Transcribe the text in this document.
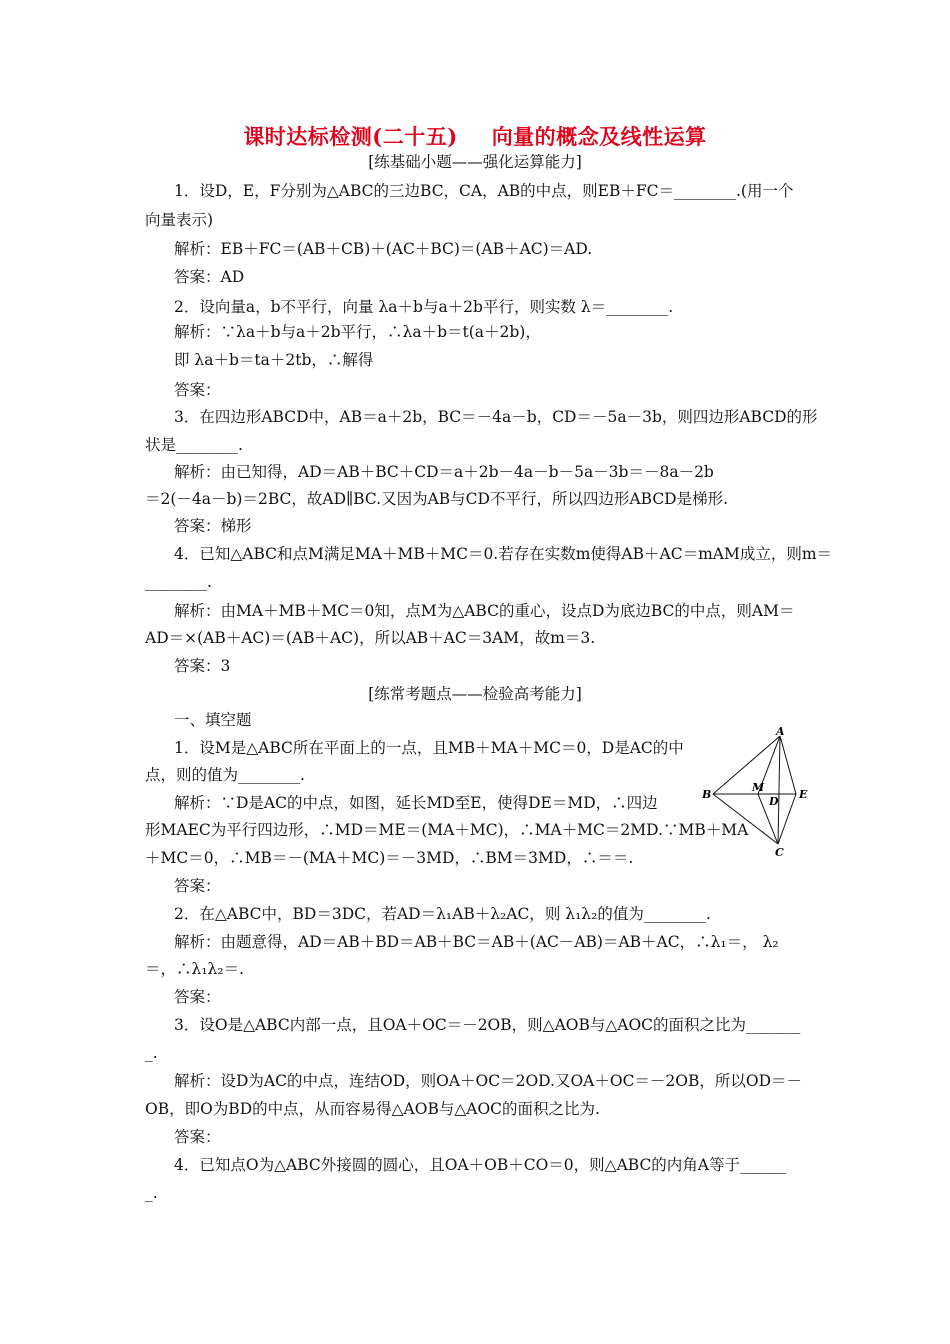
课时达标检测(二十五) 向量的概念及线性运算
[练基础小题——强化运算能力]
1．设D，E，F分别为△ABC的三边BC，CA，AB的中点，则EB＋FC＝________.(用一个
向量表示)
解析：EB＋FC＝(AB＋CB)＋(AC＋BC)＝(AB＋AC)＝AD.
答案：AD
2．设向量a，b不平行，向量 λa＋b与a＋2b平行，则实数 λ＝________.
解析：∵λa＋b与a＋2b平行，∴λa＋b＝t(a＋2b)，
即 λa＋b＝ta＋2tb，∴解得
答案：
3．在四边形ABCD中，AB＝a＋2b，BC＝－4a－b，CD＝－5a－3b，则四边形ABCD的形
状是________.
解析：由已知得，AD＝AB＋BC＋CD＝a＋2b－4a－b－5a－3b＝－8a－2b
＝2(－4a－b)＝2BC，故AD∥BC.又因为AB与CD不平行，所以四边形ABCD是梯形.
答案：梯形
4．已知△ABC和点M满足MA＋MB＋MC＝0.若存在实数m使得AB＋AC＝mAM成立，则m＝
________.
解析：由MA＋MB＋MC＝0知，点M为△ABC的重心，设点D为底边BC的中点，则AM＝
AD＝×(AB＋AC)＝(AB＋AC)，所以AB＋AC＝3AM，故m＝3.
答案：3
[练常考题点——检验高考能力]
一、填空题
1．设M是△ABC所在平面上的一点，且MB＋MA＋MC＝0，D是AC的中
点，则的值为________.
解析：∵D是AC的中点，如图，延长MD至E，使得DE＝MD，∴四边
形MAEC为平行四边形，∴MD＝ME＝(MA＋MC)，∴MA＋MC＝2MD.∵MB＋MA
＋MC＝0，∴MB＝－(MA＋MC)＝－3MD，∴BM＝3MD，∴＝＝.
答案：
A
B
C
D
E
M
2．在△ABC中，BD＝3DC，若AD＝λ₁AB＋λ₂AC，则 λ₁λ₂的值为________.
解析：由题意得，AD＝AB＋BD＝AB＋BC＝AB＋(AC－AB)＝AB＋AC，∴λ₁＝， λ₂
＝，∴λ₁λ₂＝.
答案：
3．设O是△ABC内部一点，且OA＋OC＝－2OB，则△AOB与△AOC的面积之比为_______
_.
解析：设D为AC的中点，连结OD，则OA＋OC＝2OD.又OA＋OC＝－2OB，所以OD＝－
OB，即O为BD的中点，从而容易得△AOB与△AOC的面积之比为.
答案：
4．已知点O为△ABC外接圆的圆心，且OA＋OB＋CO＝0，则△ABC的内角A等于______
_.
